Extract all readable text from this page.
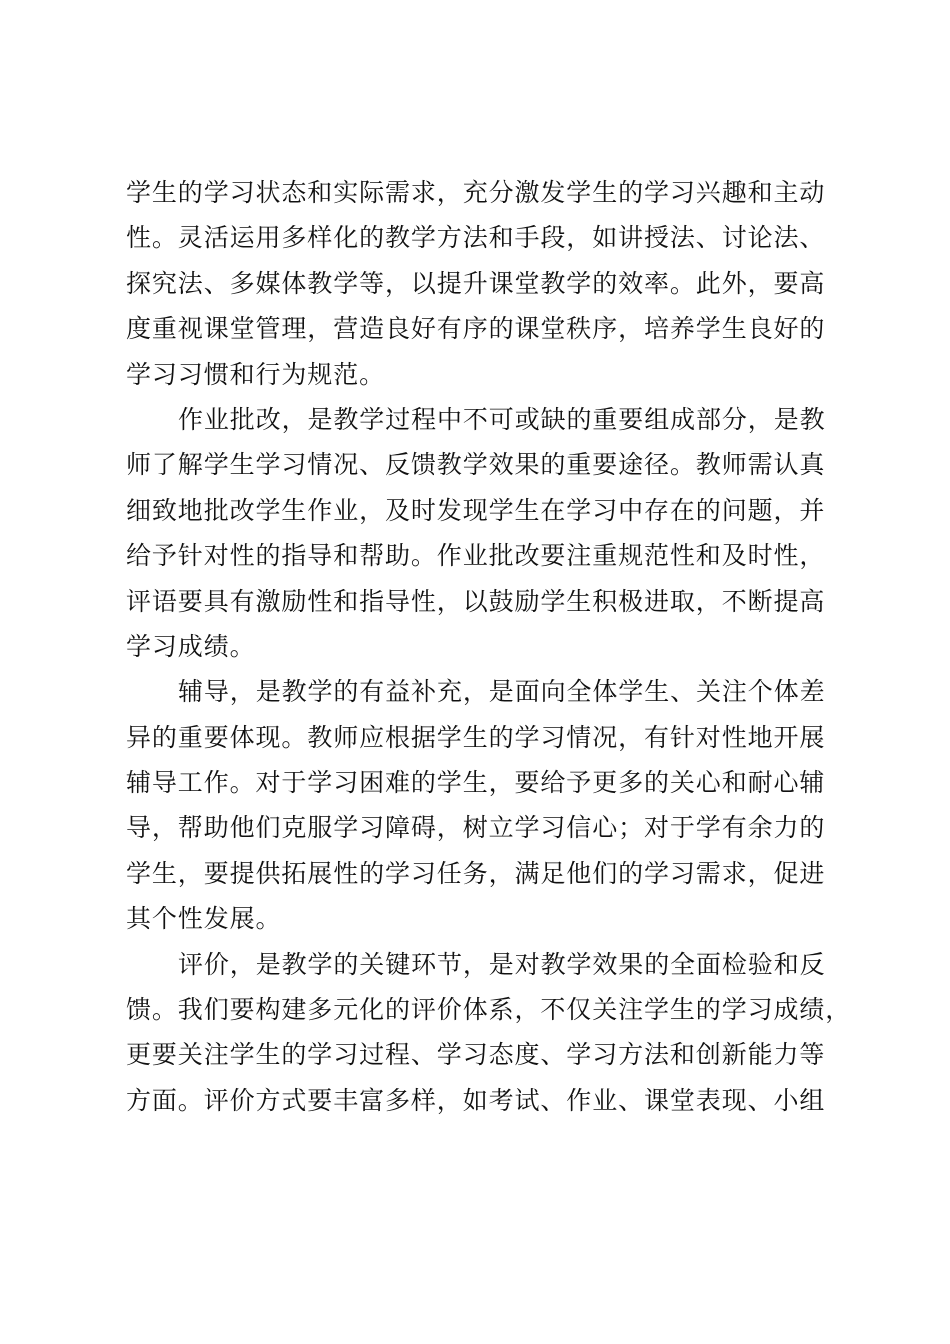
学生的学习状态和实际需求，充分激发学生的学习兴趣和主动
性。灵活运用多样化的教学方法和手段，如讲授法、讨论法、
探究法、多媒体教学等，以提升课堂教学的效率。此外，要高
度重视课堂管理，营造良好有序的课堂秩序，培养学生良好的
学习习惯和行为规范。
作业批改，是教学过程中不可或缺的重要组成部分，是教
师了解学生学习情况、反馈教学效果的重要途径。教师需认真
细致地批改学生作业，及时发现学生在学习中存在的问题，并
给予针对性的指导和帮助。作业批改要注重规范性和及时性，
评语要具有激励性和指导性，以鼓励学生积极进取，不断提高
学习成绩。
辅导，是教学的有益补充，是面向全体学生、关注个体差
异的重要体现。教师应根据学生的学习情况，有针对性地开展
辅导工作。对于学习困难的学生，要给予更多的关心和耐心辅
导，帮助他们克服学习障碍，树立学习信心；对于学有余力的
学生，要提供拓展性的学习任务，满足他们的学习需求，促进
其个性发展。
评价，是教学的关键环节，是对教学效果的全面检验和反
馈。我们要构建多元化的评价体系，不仅关注学生的学习成绩，
更要关注学生的学习过程、学习态度、学习方法和创新能力等
方面。评价方式要丰富多样，如考试、作业、课堂表现、小组
